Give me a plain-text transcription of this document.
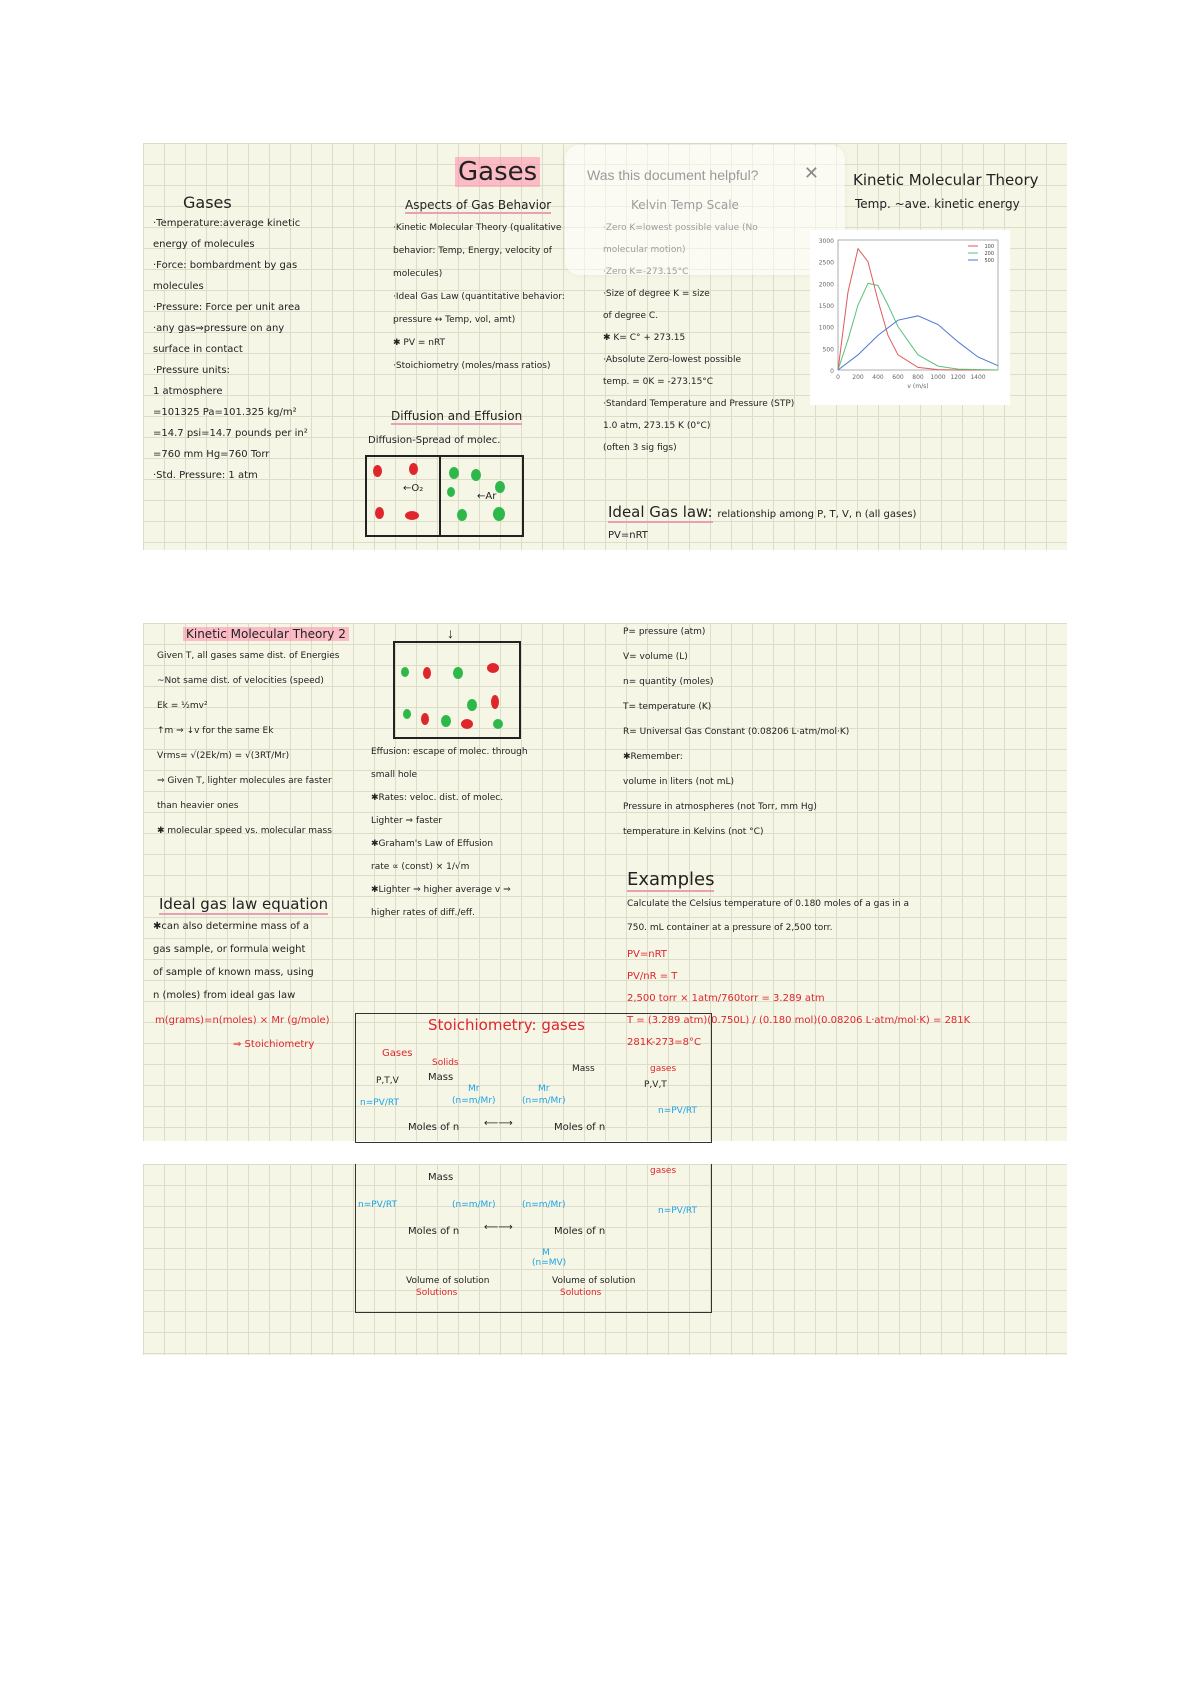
Gases
Gases
·Temperature:average kinetic
energy of molecules
·Force: bombardment by gas
molecules
·Pressure: Force per unit area
·any gas⇒pressure on any
surface in contact
·Pressure units:
1 atmosphere
=101325 Pa=101.325 kg/m²
=14.7 psi=14.7 pounds per in²
=760 mm Hg=760 Torr
·Std. Pressure: 1 atm
Aspects of Gas Behavior
·Kinetic Molecular Theory (qualitative
behavior: Temp, Energy, velocity of
molecules)
·Ideal Gas Law (quantitative behavior:
pressure ↔ Temp, vol, amt)
✱ PV = nRT
·Stoichiometry (moles/mass ratios)
Diffusion and Effusion
Diffusion-Spread of molec.
←O₂
←Ar
·Size of degree K = size
of degree C.
✱ K= C° + 273.15
·Absolute Zero-lowest possible
temp. = 0K = -273.15°C
·Standard Temperature and Pressure (STP)
1.0 atm, 273.15 K (0°C)
(often 3 sig figs)
Ideal Gas law: relationship among P, T, V, n (all gases)
PV=nRT
Kinetic Molecular Theory
Temp. ~ave. kinetic energy
Was this document helpful?	✕
0
500
1000
1500
2000
2500
3000
0 200 400 600 800 1000 1200 1400
v (m/s)
100
200
500
Kinetic Molecular Theory 2
Given T, all gases same dist. of Energies
~Not same dist. of velocities (speed)
Ek = ½mv²
↑m ⇒ ↓v for the same Ek
Vrms= √(2Ek/m) = √(3RT/Mr)
⇒ Given T, lighter molecules are faster
than heavier ones
✱ molecular speed vs. molecular mass
Ideal gas law equation
✱can also determine mass of a
gas sample, or formula weight
of sample of known mass, using
n (moles) from ideal gas law
m(grams)=n(moles) × Mr (g/mole)
⇒ Stoichiometry
↓
Effusion: escape of molec. through
small hole
✱Rates: veloc. dist. of molec.
Lighter ⇒ faster
✱Graham's Law of Effusion
rate ∝ (const) × 1/√m
✱Lighter ⇒ higher average v ⇒
higher rates of diff./eff.
P= pressure (atm)
V= volume (L)
n= quantity (moles)
T= temperature (K)
R= Universal Gas Constant (0.08206 L·atm/mol·K)
✱Remember:
volume in liters (not mL)
Pressure in atmospheres (not Torr, mm Hg)
temperature in Kelvins (not °C)
Examples
Calculate the Celsius temperature of 0.180 moles of a gas in a
750. mL container at a pressure of 2,500 torr.
PV=nRT
PV/nR = T
2,500 torr × 1atm/760torr = 3.289 atm
T = (3.289 atm)(0.750L) / (0.180 mol)(0.08206 L·atm/mol·K) = 281K
281K-273=8°C
Stoichiometry: gases
Gases
Solids
Mass
P,T,V
n=PV/RT
Mr
(n=m/Mr)
Moles of n ⟵⟶	Moles of n
Mr
(n=m/Mr)
Mass	gases
P,V,T
n=PV/RT
Mass
n=PV/RT	(n=m/Mr)	(n=m/Mr)
Moles of n ⟵⟶	Moles of n
M
(n=MV)
Volume of solution
Solutions
Volume of solution
Solutions
gases
n=PV/RT
